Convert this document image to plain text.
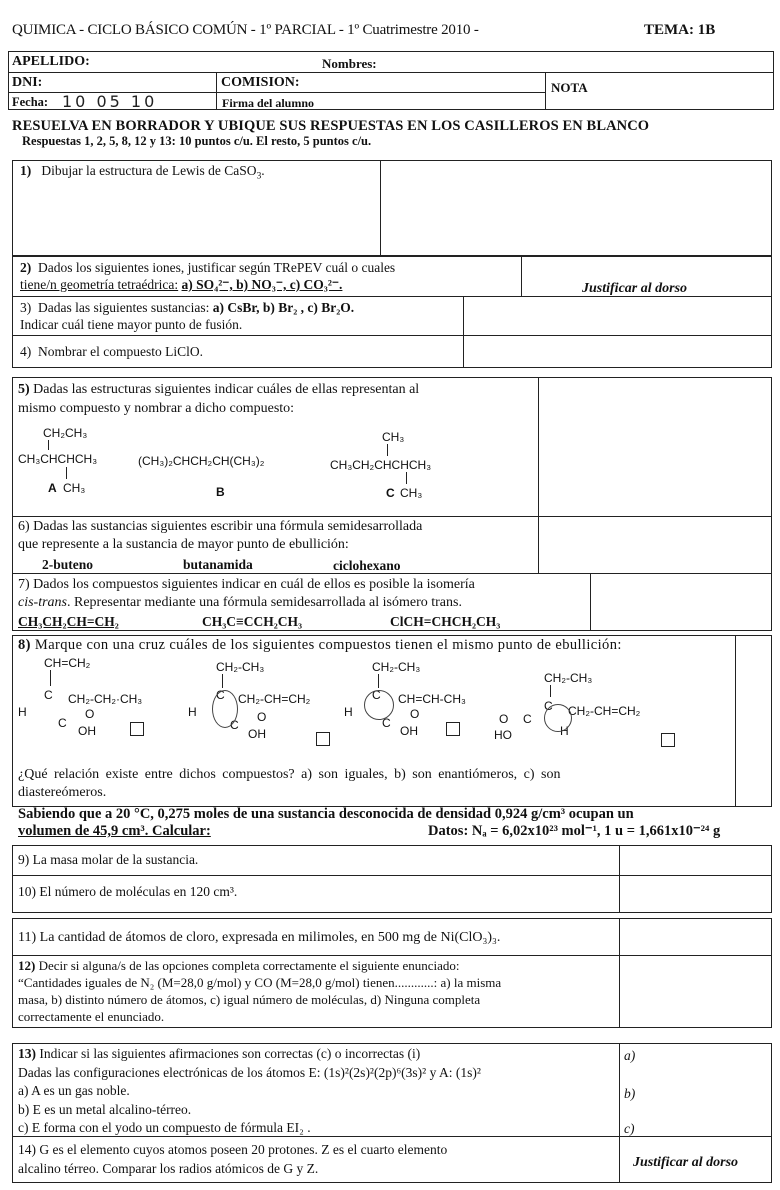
QUIMICA - CICLO BÁSICO COMÚN - 1º PARCIAL - 1º Cuatrimestre 2010 -	TEMA: 1B
APELLIDO:	Nombres:
DNI:	COMISION:	NOTA
Fecha: 10 05 10	Firma del alumno
RESUELVA EN BORRADOR Y UBIQUE SUS RESPUESTAS EN LOS CASILLEROS EN BLANCO
Respuestas 1, 2, 5, 8, 12 y 13: 10 puntos c/u. El resto, 5 puntos c/u.
1) Dibujar la estructura de Lewis de CaSO$_3$.
2) Dados los siguientes iones, justificar según TRePEV cuál o cuales
tiene/n geometría tetraédrica: a) SO₄²⁻, b) NO₃⁻, c) CO₃²⁻.	Justificar al dorso
3) Dadas las siguientes sustancias: a) CsBr, b) Br₂ , c) Br₂O.
Indicar cuál tiene mayor punto de fusión.
4) Nombrar el compuesto LiClO.
5) Dadas las estructuras siguientes indicar cuáles de ellas representan al
mismo compuesto y nombrar a dicho compuesto:
CH₂CH₃
CH₃CHCHCH₃
A CH₃
(CH₃)₂CHCH₂CH(CH₃)₂
B
CH₃
CH₃CH₂CHCHCH₃
C CH₃
6) Dadas las sustancias siguientes escribir una fórmula semidesarrollada
que represente a la sustancia de mayor punto de ebullición:
2-buteno	butanamida	ciclohexano
7) Dados los compuestos siguientes indicar en cuál de ellos es posible la isomería
cis-trans. Representar mediante una fórmula semidesarrollada al isómero trans.
CH₃CH₂CH=CH₂	CH₃C≡CCH₂CH₃	ClCH=CHCH₂CH₃
8) Marque con una cruz cuáles de los siguientes compuestos tienen el mismo punto de ebullición:
CH=CH₂
H
C CH₂-CH₂·CH₃
C
O
OH
CH₂-CH₃
H
C CH₂-CH=CH₂
C
O
OH
CH₂-CH₃
H
C CH=CH-CH₃
C
O
OH
CH₂-CH₃
C CH₂-CH=CH₂
O C
HO	H
¿Qué relación existe entre dichos compuestos? a) son iguales, b) son enantiómeros, c) son
diastereómeros.
Sabiendo que a 20 °C, 0,275 moles de una sustancia desconocida de densidad 0,924 g/cm³ ocupan un
volumen de 45,9 cm³. Calcular:	Datos: Nₐ = 6,02x10²³ mol⁻¹, 1 u = 1,661x10⁻²⁴ g
9) La masa molar de la sustancia.
10) El número de moléculas en 120 cm³.
11) La cantidad de átomos de cloro, expresada en milimoles, en 500 mg de Ni(ClO₃)₃.
12) Decir si alguna/s de las opciones completa correctamente el siguiente enunciado:
“Cantidades iguales de N₂ (M=28,0 g/mol) y CO (M=28,0 g/mol) tienen............: a) la misma
masa, b) distinto número de átomos, c) igual número de moléculas, d) Ninguna completa
correctamente el enunciado.
13) Indicar si las siguientes afirmaciones son correctas (c) o incorrectas (i)
Dadas las configuraciones electrónicas de los átomos E: (1s)²(2s)²(2p)⁶(3s)² y A: (1s)²
a) A es un gas noble.
b) E es un metal alcalino-térreo.
c) E forma con el yodo un compuesto de fórmula EI₂ .
a)
b)
c)
14) G es el elemento cuyos atomos poseen 20 protones. Z es el cuarto elemento
alcalino térreo. Comparar los radios atómicos de G y Z.	Justificar al dorso
